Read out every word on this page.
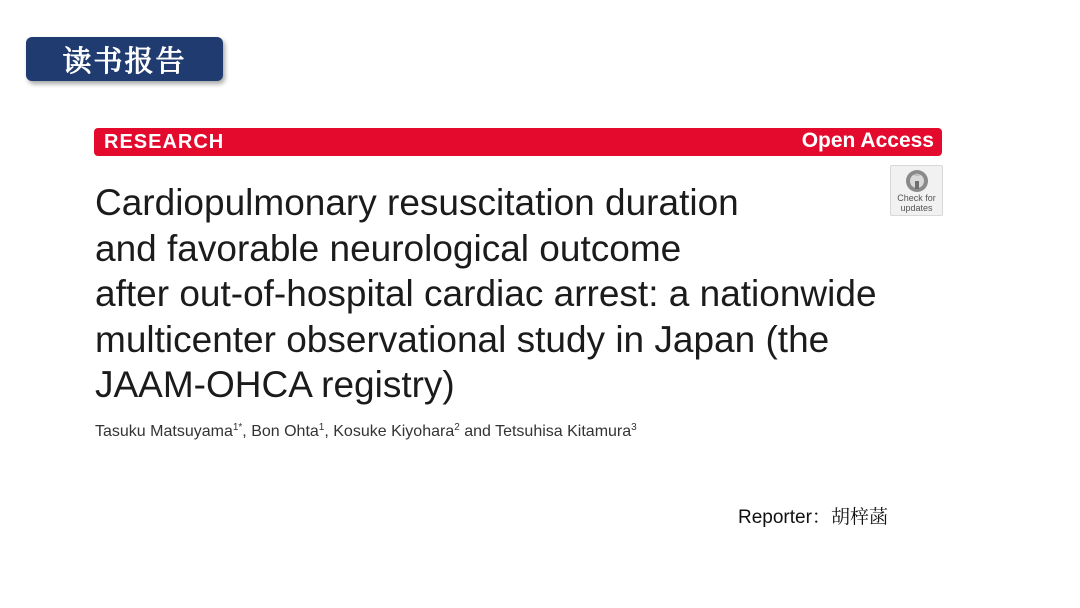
读书报告
RESEARCH	Open Access
Check for
updates
Cardiopulmonary resuscitation duration
and favorable neurological outcome
after out-of-hospital cardiac arrest: a nationwide
multicenter observational study in Japan (the
JAAM-OHCA registry)
Tasuku Matsuyama$^{1*}$, Bon Ohta$^1$, Kosuke Kiyohara$^2$ and Tetsuhisa Kitamura$^3$
Reporter：胡梓菡
